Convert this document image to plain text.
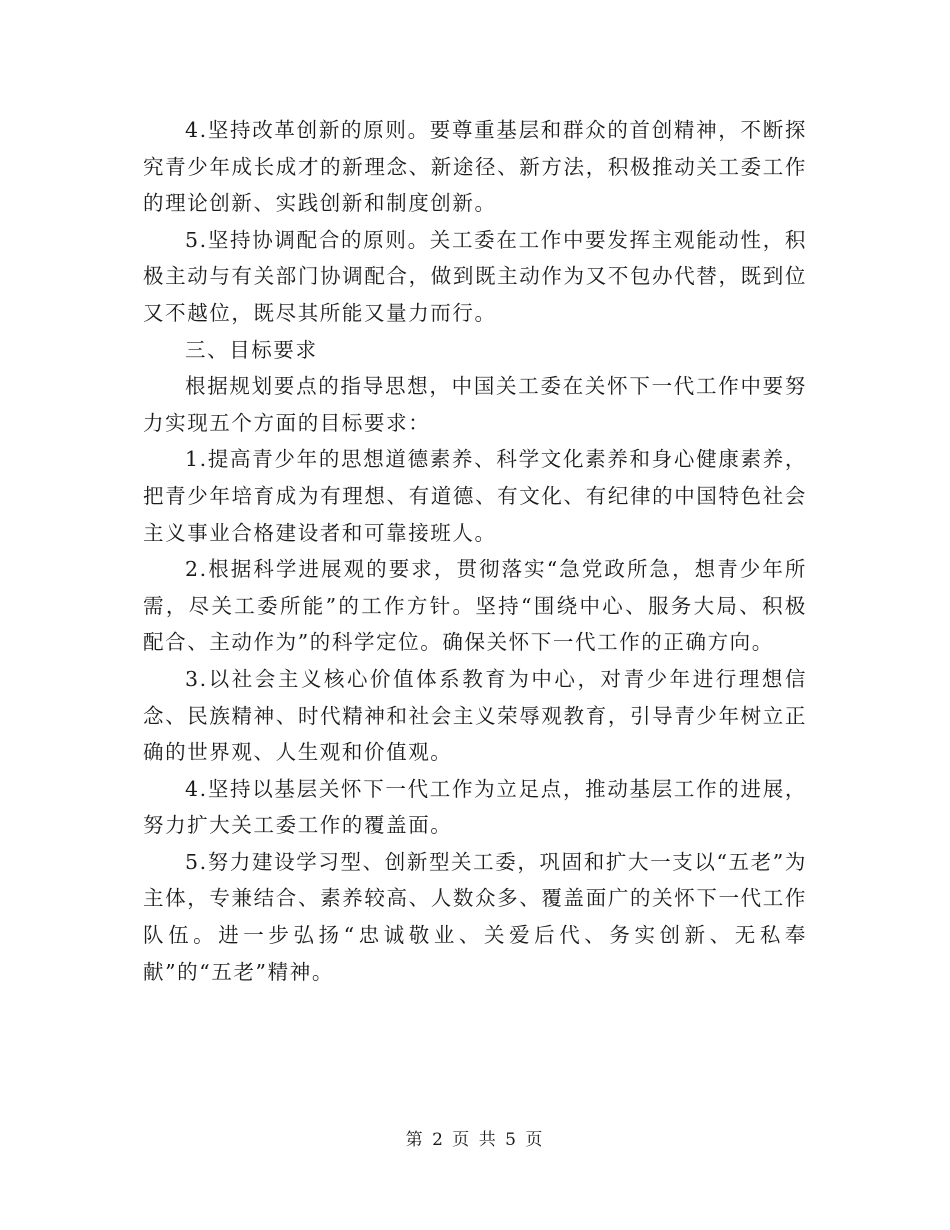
4.坚持改革创新的原则。要尊重基层和群众的首创精神，不断探究青少年成长成才的新理念、新途径、新方法，积极推动关工委工作的理论创新、实践创新和制度创新。

5.坚持协调配合的原则。关工委在工作中要发挥主观能动性，积极主动与有关部门协调配合，做到既主动作为又不包办代替，既到位又不越位，既尽其所能又量力而行。

三、目标要求

根据规划要点的指导思想，中国关工委在关怀下一代工作中要努力实现五个方面的目标要求：

1.提高青少年的思想道德素养、科学文化素养和身心健康素养，把青少年培育成为有理想、有道德、有文化、有纪律的中国特色社会主义事业合格建设者和可靠接班人。

2.根据科学进展观的要求，贯彻落实“急党政所急，想青少年所需，尽关工委所能”的工作方针。坚持“围绕中心、服务大局、积极配合、主动作为”的科学定位。确保关怀下一代工作的正确方向。

3.以社会主义核心价值体系教育为中心，对青少年进行理想信念、民族精神、时代精神和社会主义荣辱观教育，引导青少年树立正确的世界观、人生观和价值观。

4.坚持以基层关怀下一代工作为立足点，推动基层工作的进展，努力扩大关工委工作的覆盖面。

5.努力建设学习型、创新型关工委，巩固和扩大一支以“五老”为主体，专兼结合、素养较高、人数众多、覆盖面广的关怀下一代工作队伍。进一步弘扬“忠诚敬业、关爱后代、务实创新、无私奉献”的“五老”精神。

第 2 页 共 5 页
